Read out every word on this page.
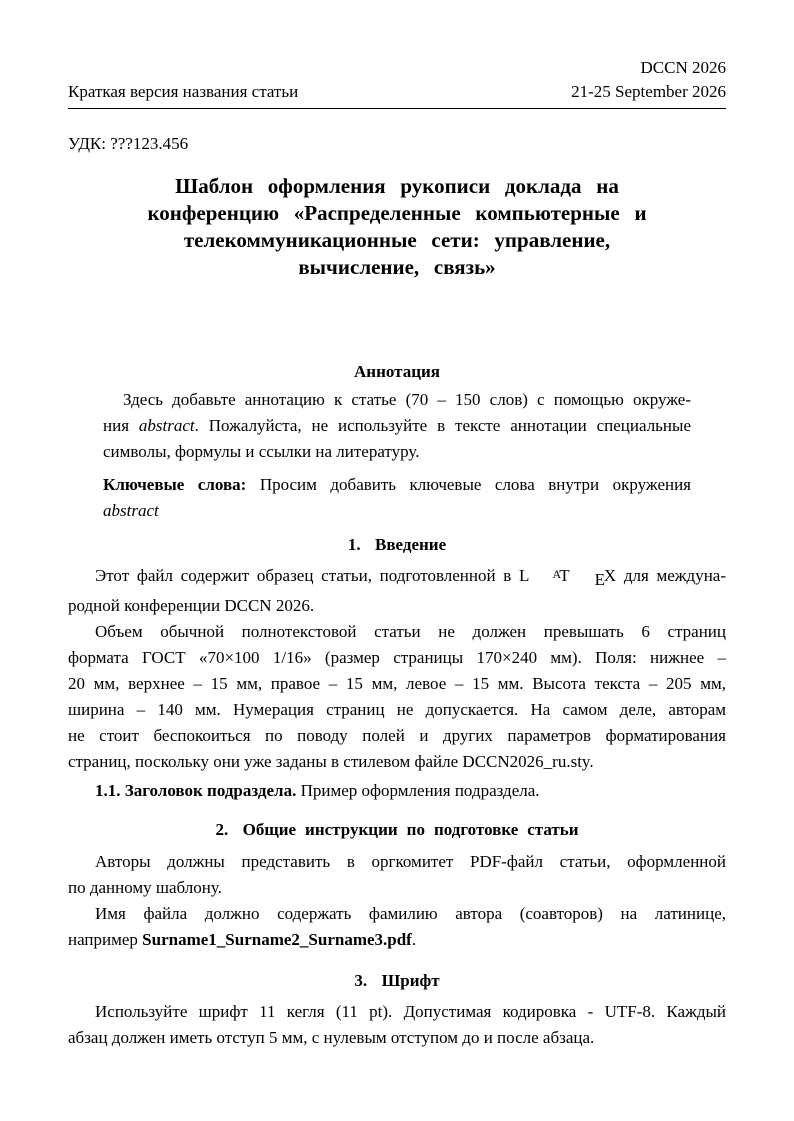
DCCN 2026
Краткая версия названия статьи	21-25 September 2026
УДК: ???123.456
Шаблон оформления рукописи доклада на
конференцию «Распределенные компьютерные и
телекоммуникационные сети: управление,
вычисление, связь»
Аннотация
Здесь добавьте аннотацию к статье (70 – 150 слов) с помощью окруже-
ния abstract. Пожалуйста, не используйте в тексте аннотации специальные
символы, формулы и ссылки на литературу.
Ключевые слова: Просим добавить ключевые слова внутри окружения
abstract
1. Введение
Этот файл содержит образец статьи, подготовленной в L AT EX для междуна-
родной конференции DCCN 2026.
Объем обычной полнотекстовой статьи не должен превышать 6 страниц
формата ГОСТ «70×100 1/16» (размер страницы 170×240 мм). Поля: нижнее –
20 мм, верхнее – 15 мм, правое – 15 мм, левое – 15 мм. Высота текста – 205 мм,
ширина – 140 мм. Нумерация страниц не допускается. На самом деле, авторам
не стоит беспокоиться по поводу полей и других параметров форматирования
страниц, поскольку они уже заданы в стилевом файле DCCN2026_ru.sty.
1.1. Заголовок подраздела. Пример оформления подраздела.
2. Общие инструкции по подготовке статьи
Авторы должны представить в оргкомитет PDF-файл статьи, оформленной
по данному шаблону.
Имя файла должно содержать фамилию автора (соавторов) на латинице,
например Surname1_Surname2_Surname3.pdf.
3. Шрифт
Используйте шрифт 11 кегля (11 pt). Допустимая кодировка - UTF-8. Каждый
абзац должен иметь отступ 5 мм, с нулевым отступом до и после абзаца.
